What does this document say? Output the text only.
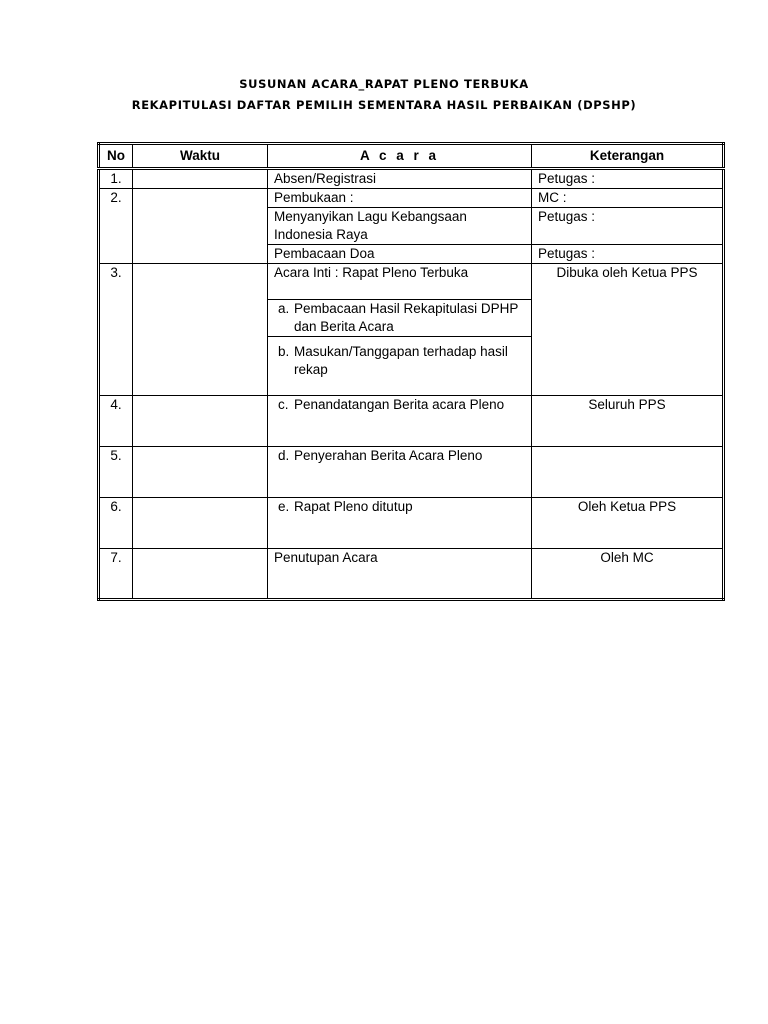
SUSUNAN ACARA_RAPAT PLENO TERBUKA
REKAPITULASI DAFTAR PEMILIH SEMENTARA HASIL PERBAIKAN (DPSHP)
No	Waktu	A c a r a	Keterangan
1.		Absen/Registrasi	Petugas :
2.		Pembukaan :	MC :
		Menyanyikan Lagu Kebangsaan Indonesia Raya	Petugas :
		Pembacaan Doa	Petugas :
3.		Acara Inti : Rapat Pleno Terbuka	Dibuka oleh Ketua PPS

		a. Pembacaan Hasil Rekapitulasi DPHP dan Berita Acara	

		b. Masukan/Tanggapan terhadap hasil rekap	

4.		c. Penandatangan Berita acara Pleno	Seluruh PPS
5.		d. Penyerahan Berita Acara Pleno	

6.		e. Rapat Pleno ditutup	Oleh Ketua PPS
7.		Penutupan Acara	Oleh MC
